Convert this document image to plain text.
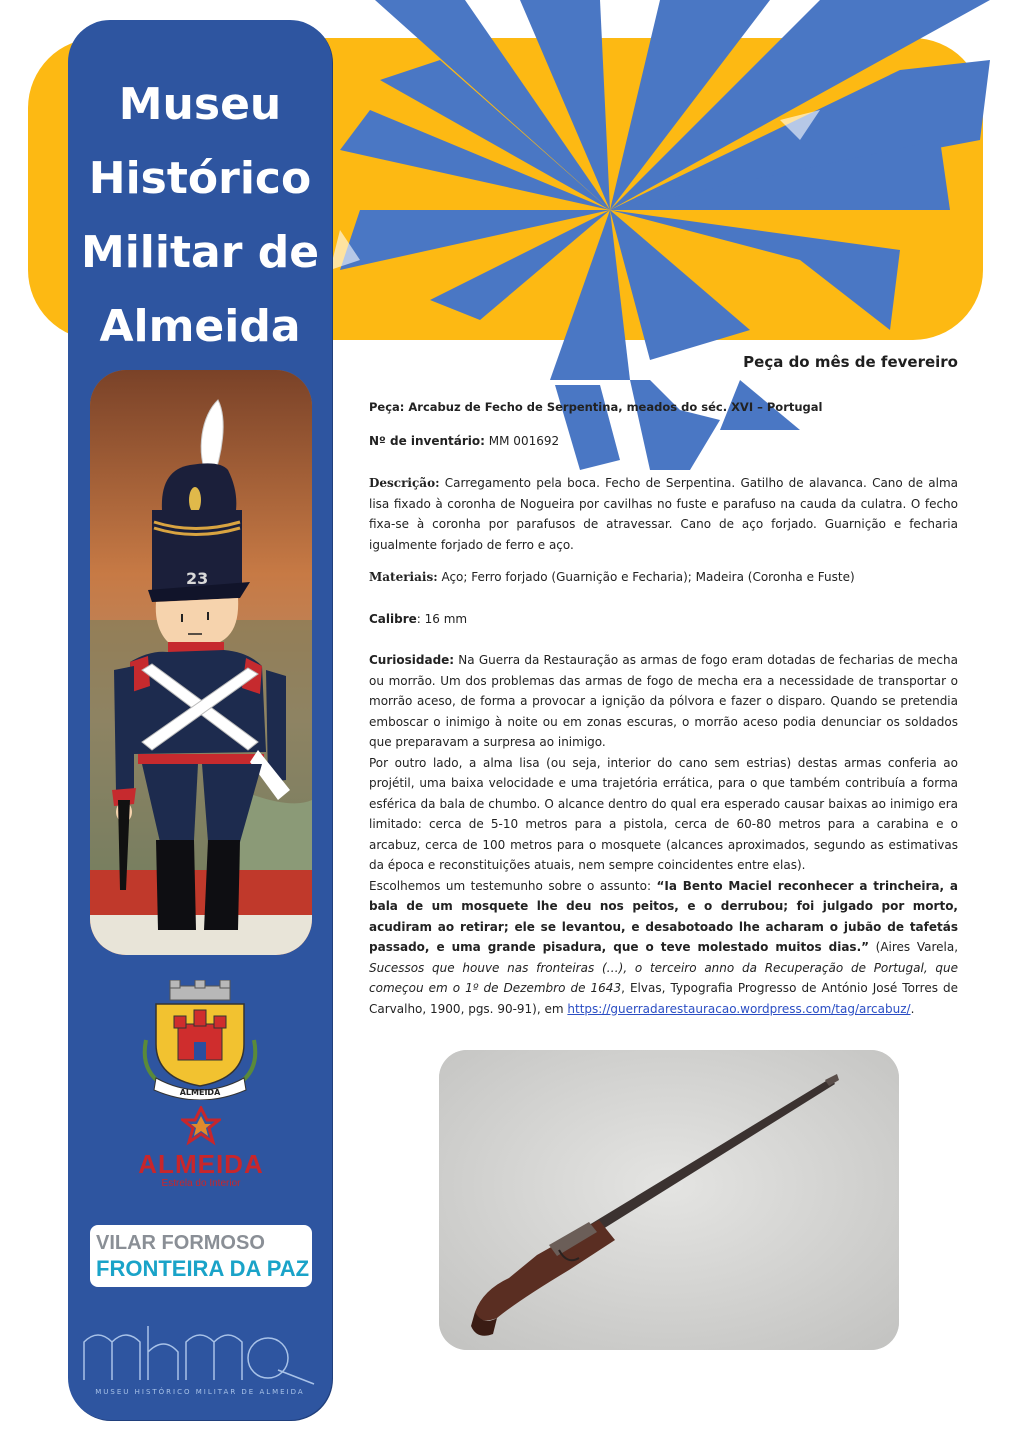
Museu
Histórico
Militar de
Almeida
23
ALMEIDA
ALMEIDA
Estrela do Interior
VILAR FORMOSO
FRONTEIRA DA PAZ
MUSEU HISTÓRICO MILITAR DE ALMEIDA
Peça do mês de fevereiro

Peça: Arcabuz de Fecho de Serpentina, meados do séc. XVI – Portugal

Nº de inventário: MM 001692

Descrição: Carregamento pela boca. Fecho de Serpentina. Gatilho de alavanca. Cano de alma lisa fixado à coronha de Nogueira por cavilhas no fuste e parafuso na cauda da culatra. O fecho fixa-se à coronha por parafusos de atravessar. Cano de aço forjado. Guarnição e fecharia igualmente forjado de ferro e aço.

Materiais: Aço; Ferro forjado (Guarnição e Fecharia); Madeira (Coronha e Fuste)

Calibre: 16 mm

Curiosidade: Na Guerra da Restauração as armas de fogo eram dotadas de fecharias de mecha ou morrão. Um dos problemas das armas de fogo de mecha era a necessidade de transportar o morrão aceso, de forma a provocar a ignição da pólvora e fazer o disparo. Quando se pretendia emboscar o inimigo à noite ou em zonas escuras, o morrão aceso podia denunciar os soldados que preparavam a surpresa ao inimigo.

Por outro lado, a alma lisa (ou seja, interior do cano sem estrias) destas armas conferia ao projétil, uma baixa velocidade e uma trajetória errática, para o que também contribuía a forma esférica da bala de chumbo. O alcance dentro do qual era esperado causar baixas ao inimigo era limitado: cerca de 5-10 metros para a pistola, cerca de 60-80 metros para a carabina e o arcabuz, cerca de 100 metros para o mosquete (alcances aproximados, segundo as estimativas da época e reconstituições atuais, nem sempre coincidentes entre elas).

Escolhemos um testemunho sobre o assunto: “Ia Bento Maciel reconhecer a trincheira, a bala de um mosquete lhe deu nos peitos, e o derrubou; foi julgado por morto, acudiram ao retirar; ele se levantou, e desabotoado lhe acharam o jubão de tafetás passado, e uma grande pisadura, que o teve molestado muitos dias.” (Aires Varela, Sucessos que houve nas fronteiras (…), o terceiro anno da Recuperação de Portugal, que começou em o 1º de Dezembro de 1643, Elvas, Typografia Progresso de António José Torres de Carvalho, 1900, pgs. 90-91), em https://guerradarestauracao.wordpress.com/tag/arcabuz/.
